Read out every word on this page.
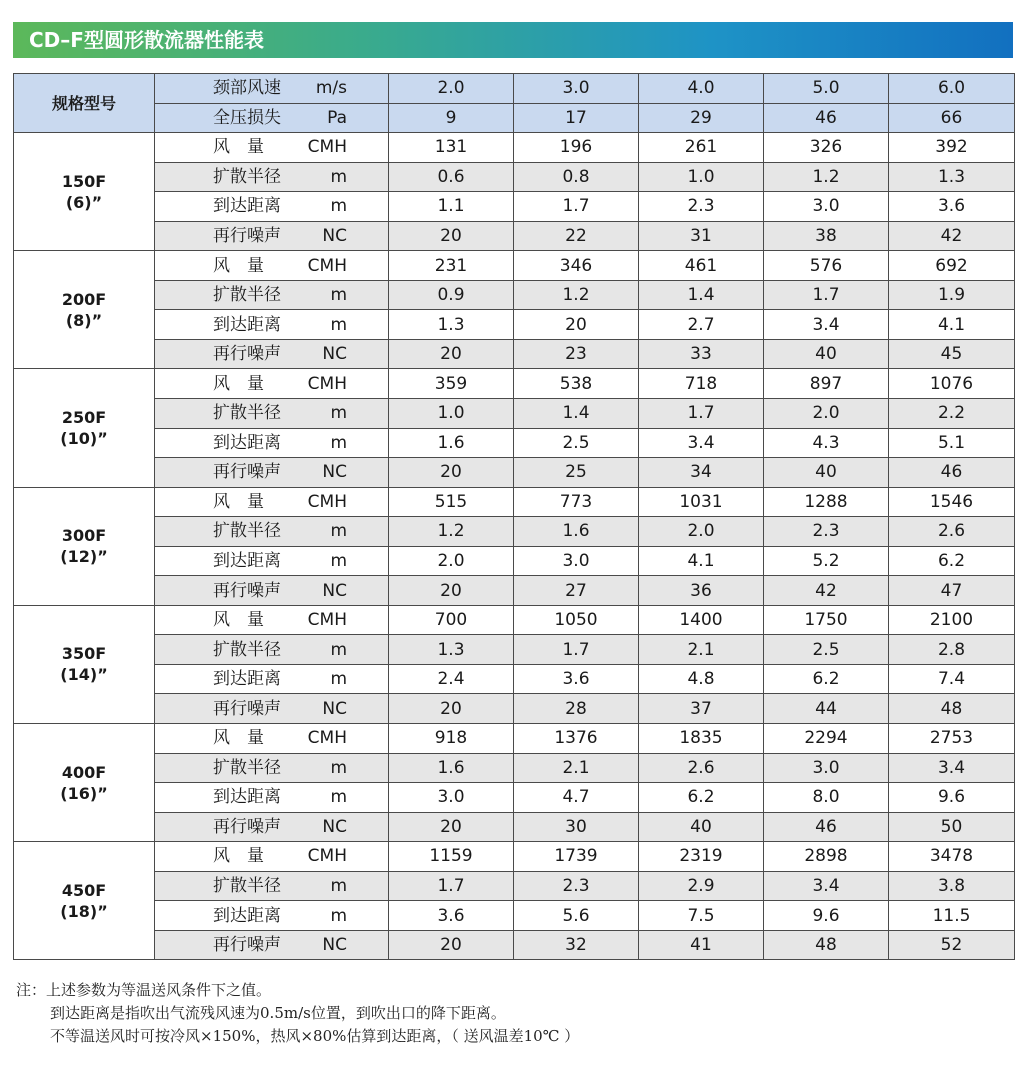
CD–F型圆形散流器性能表
规格型号	颈部风速 m/s	2.0	3.0	4.0	5.0	6.0
	全压损失 Pa	9	17	29	46	66

150F
(6)”	风　量 CMH	131	196	261	326	392
	扩散半径 m	0.6	0.8	1.0	1.2	1.3
	到达距离 m	1.1	1.7	2.3	3.0	3.6
	再行噪声 NC	20	22	31	38	42

200F
(8)”	风　量 CMH	231	346	461	576	692
	扩散半径 m	0.9	1.2	1.4	1.7	1.9
	到达距离 m	1.3	20	2.7	3.4	4.1
	再行噪声 NC	20	23	33	40	45

250F
(10)”	风　量 CMH	359	538	718	897	1076
	扩散半径 m	1.0	1.4	1.7	2.0	2.2
	到达距离 m	1.6	2.5	3.4	4.3	5.1
	再行噪声 NC	20	25	34	40	46

300F
(12)”	风　量 CMH	515	773	1031	1288	1546
	扩散半径 m	1.2	1.6	2.0	2.3	2.6
	到达距离 m	2.0	3.0	4.1	5.2	6.2
	再行噪声 NC	20	27	36	42	47

350F
(14)”	风　量 CMH	700	1050	1400	1750	2100
	扩散半径 m	1.3	1.7	2.1	2.5	2.8
	到达距离 m	2.4	3.6	4.8	6.2	7.4
	再行噪声 NC	20	28	37	44	48

400F
(16)”	风　量 CMH	918	1376	1835	2294	2753
	扩散半径 m	1.6	2.1	2.6	3.0	3.4
	到达距离 m	3.0	4.7	6.2	8.0	9.6
	再行噪声 NC	20	30	40	46	50

450F
(18)”	风　量 CMH	1159	1739	2319	2898	3478
	扩散半径 m	1.7	2.3	2.9	3.4	3.8
	到达距离 m	3.6	5.6	7.5	9.6	11.5
	再行噪声 NC	20	32	41	48	52
注：上述参数为等温送风条件下之值。
到达距离是指吹出气流残风速为0.5m/s位置，到吹出口的降下距离。
不等温送风时可按冷风×150%，热风×80%估算到达距离，（ 送风温差10℃ ）
